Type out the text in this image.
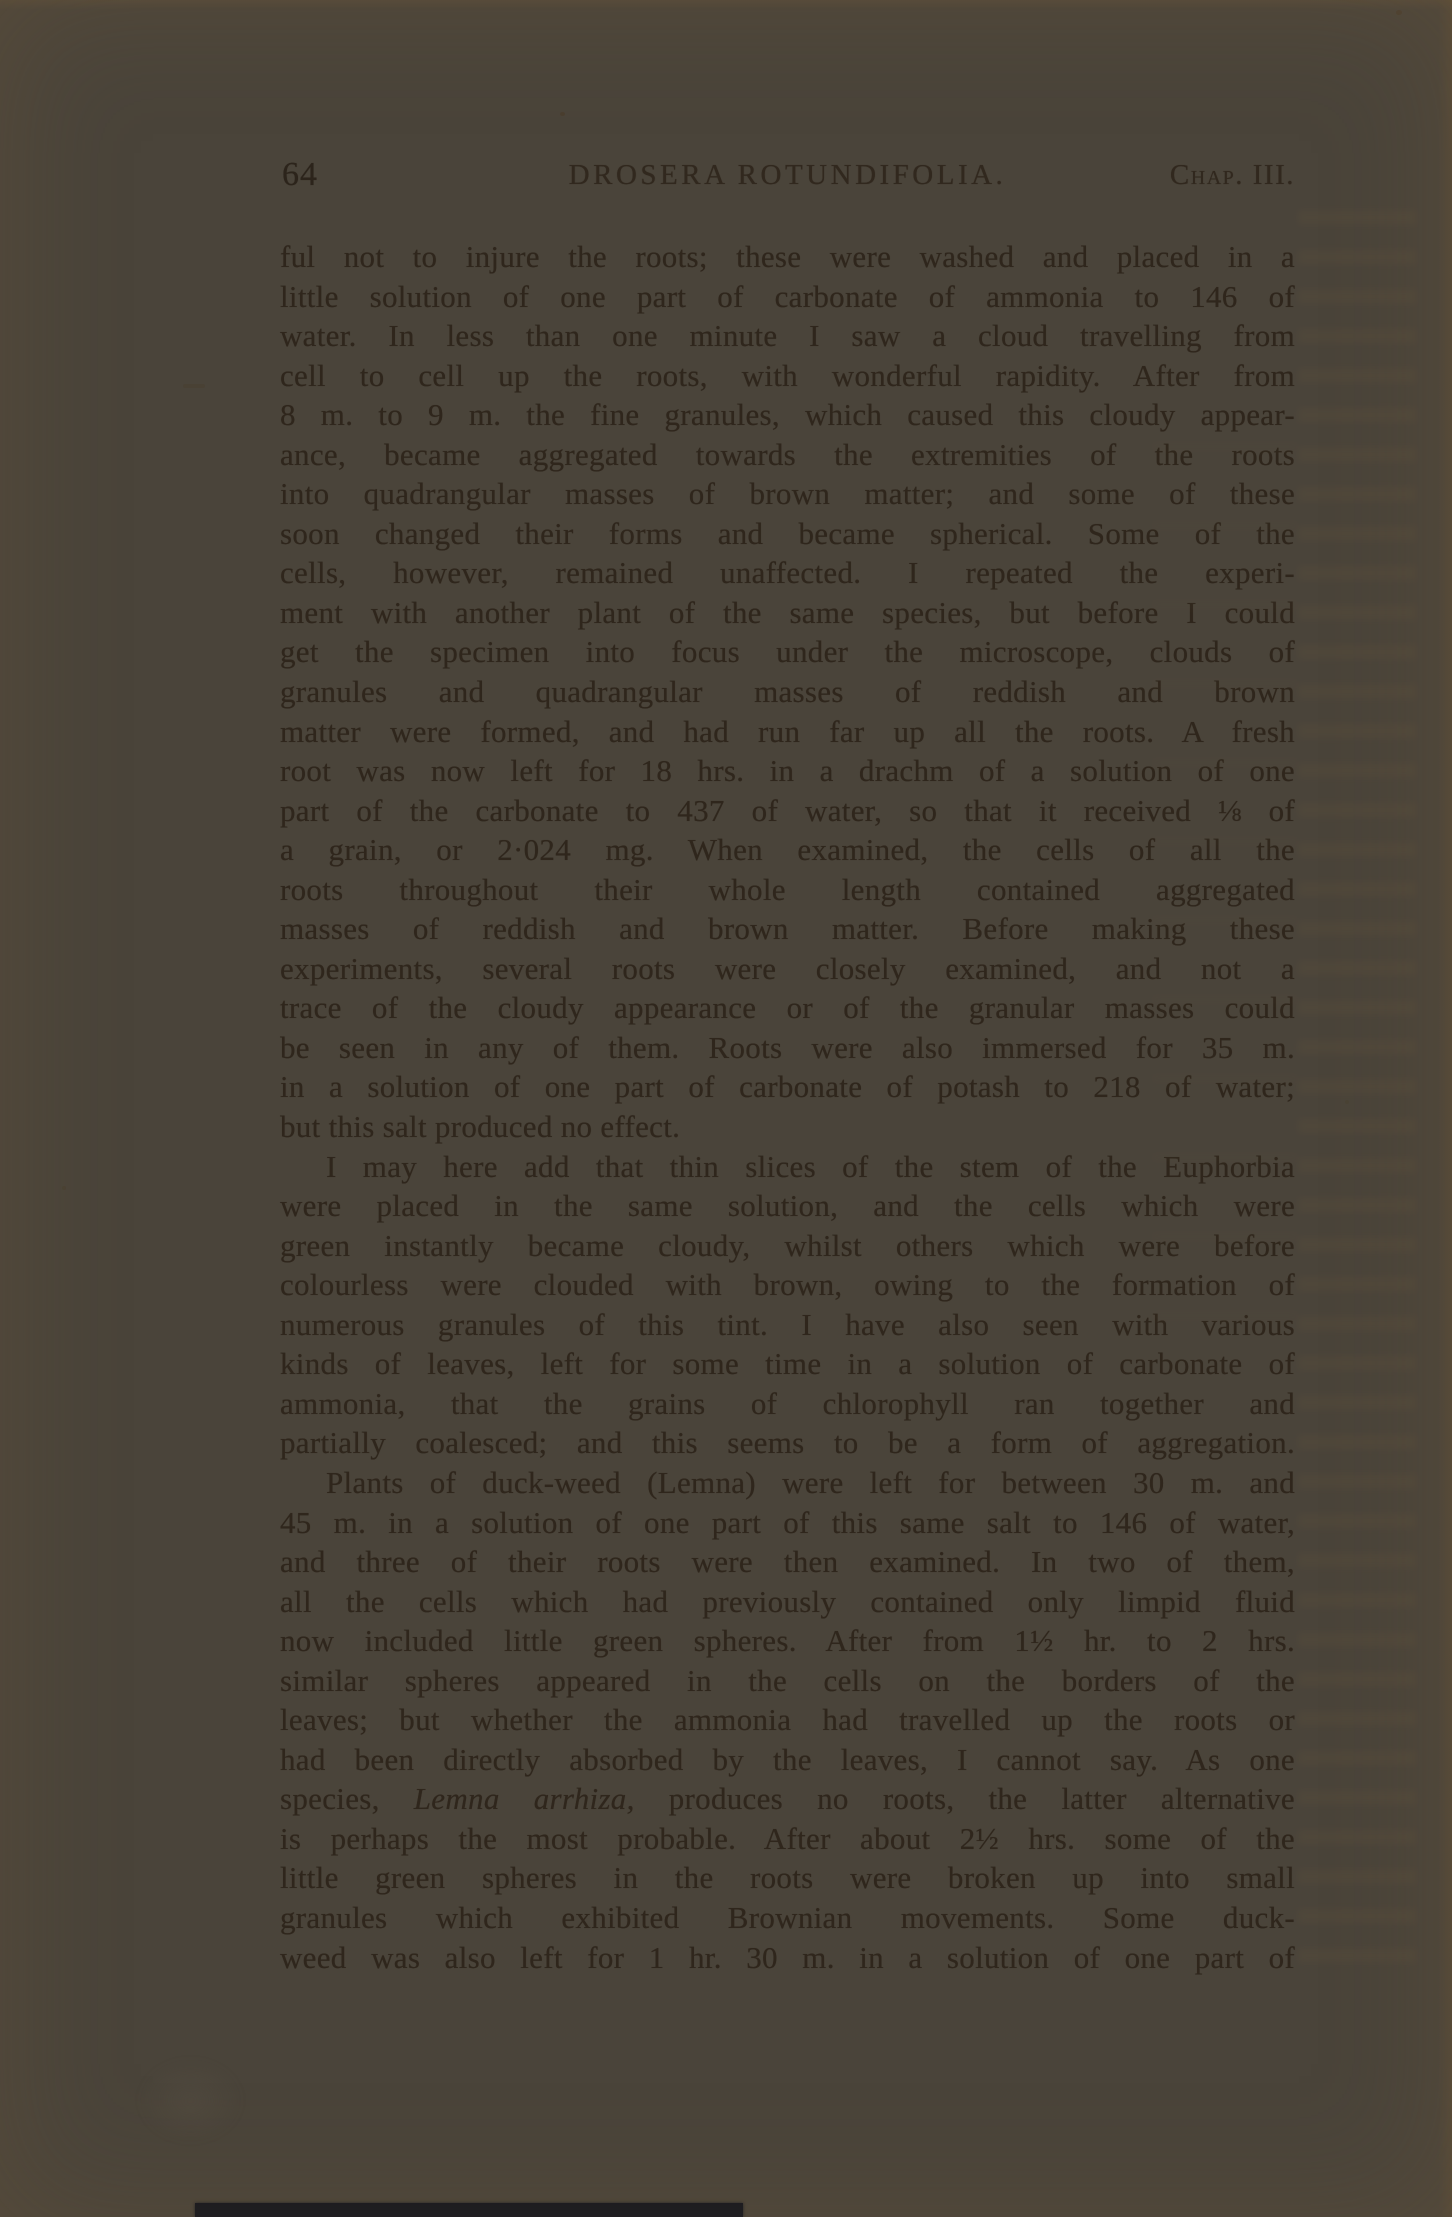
64	DROSERA ROTUNDIFOLIA.	Chap. III.
ful not to injure the roots; these were washed and placed in a
little solution of one part of carbonate of ammonia to 146 of
water. In less than one minute I saw a cloud travelling from
cell to cell up the roots, with wonderful rapidity. After from
8 m. to 9 m. the fine granules, which caused this cloudy appear-
ance, became aggregated towards the extremities of the roots
into quadrangular masses of brown matter; and some of these
soon changed their forms and became spherical. Some of the
cells, however, remained unaffected. I repeated the experi-
ment with another plant of the same species, but before I could
get the specimen into focus under the microscope, clouds of
granules and quadrangular masses of reddish and brown
matter were formed, and had run far up all the roots. A fresh
root was now left for 18 hrs. in a drachm of a solution of one
part of the carbonate to 437 of water, so that it received ⅛ of
a grain, or 2·024 mg. When examined, the cells of all the
roots throughout their whole length contained aggregated
masses of reddish and brown matter. Before making these
experiments, several roots were closely examined, and not a
trace of the cloudy appearance or of the granular masses could
be seen in any of them. Roots were also immersed for 35 m.
in a solution of one part of carbonate of potash to 218 of water;
but this salt produced no effect.
I may here add that thin slices of the stem of the Euphorbia
were placed in the same solution, and the cells which were
green instantly became cloudy, whilst others which were before
colourless were clouded with brown, owing to the formation of
numerous granules of this tint. I have also seen with various
kinds of leaves, left for some time in a solution of carbonate of
ammonia, that the grains of chlorophyll ran together and
partially coalesced; and this seems to be a form of aggregation.
Plants of duck-weed (Lemna) were left for between 30 m. and
45 m. in a solution of one part of this same salt to 146 of water,
and three of their roots were then examined. In two of them,
all the cells which had previously contained only limpid fluid
now included little green spheres. After from 1½ hr. to 2 hrs.
similar spheres appeared in the cells on the borders of the
leaves; but whether the ammonia had travelled up the roots or
had been directly absorbed by the leaves, I cannot say. As one
species, Lemna arrhiza, produces no roots, the latter alternative
is perhaps the most probable. After about 2½ hrs. some of the
little green spheres in the roots were broken up into small
granules which exhibited Brownian movements. Some duck-
weed was also left for 1 hr. 30 m. in a solution of one part of
